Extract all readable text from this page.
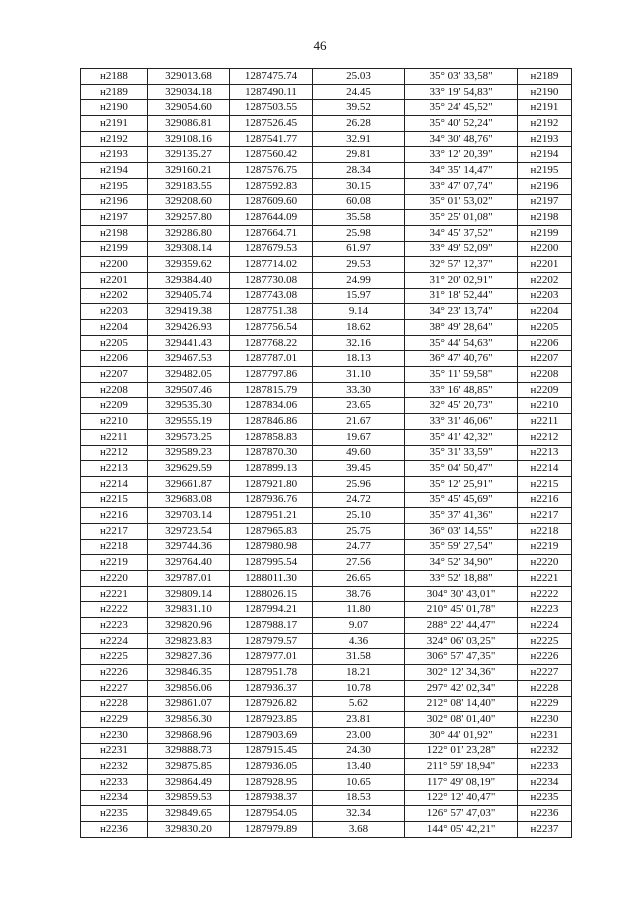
46
н2188	329013.68	1287475.74	25.03	35° 03' 33,58"	н2189
н2189	329034.18	1287490.11	24.45	33° 19' 54,83"	н2190
н2190	329054.60	1287503.55	39.52	35° 24' 45,52"	н2191
н2191	329086.81	1287526.45	26.28	35° 40' 52,24"	н2192
н2192	329108.16	1287541.77	32.91	34° 30' 48,76"	н2193
н2193	329135.27	1287560.42	29.81	33° 12' 20,39"	н2194
н2194	329160.21	1287576.75	28.34	34° 35' 14,47"	н2195
н2195	329183.55	1287592.83	30.15	33° 47' 07,74"	н2196
н2196	329208.60	1287609.60	60.08	35° 01' 53,02"	н2197
н2197	329257.80	1287644.09	35.58	35° 25' 01,08"	н2198
н2198	329286.80	1287664.71	25.98	34° 45' 37,52"	н2199
н2199	329308.14	1287679.53	61.97	33° 49' 52,09"	н2200
н2200	329359.62	1287714.02	29.53	32° 57' 12,37"	н2201
н2201	329384.40	1287730.08	24.99	31° 20' 02,91"	н2202
н2202	329405.74	1287743.08	15.97	31° 18' 52,44"	н2203
н2203	329419.38	1287751.38	9.14	34° 23' 13,74"	н2204
н2204	329426.93	1287756.54	18.62	38° 49' 28,64"	н2205
н2205	329441.43	1287768.22	32.16	35° 44' 54,63"	н2206
н2206	329467.53	1287787.01	18.13	36° 47' 40,76"	н2207
н2207	329482.05	1287797.86	31.10	35° 11' 59,58"	н2208
н2208	329507.46	1287815.79	33.30	33° 16' 48,85"	н2209
н2209	329535.30	1287834.06	23.65	32° 45' 20,73"	н2210
н2210	329555.19	1287846.86	21.67	33° 31' 46,06"	н2211
н2211	329573.25	1287858.83	19.67	35° 41' 42,32"	н2212
н2212	329589.23	1287870.30	49.60	35° 31' 33,59"	н2213
н2213	329629.59	1287899.13	39.45	35° 04' 50,47"	н2214
н2214	329661.87	1287921.80	25.96	35° 12' 25,91"	н2215
н2215	329683.08	1287936.76	24.72	35° 45' 45,69"	н2216
н2216	329703.14	1287951.21	25.10	35° 37' 41,36"	н2217
н2217	329723.54	1287965.83	25.75	36° 03' 14,55"	н2218
н2218	329744.36	1287980.98	24.77	35° 59' 27,54"	н2219
н2219	329764.40	1287995.54	27.56	34° 52' 34,90"	н2220
н2220	329787.01	1288011.30	26.65	33° 52' 18,88"	н2221
н2221	329809.14	1288026.15	38.76	304° 30' 43,01"	н2222
н2222	329831.10	1287994.21	11.80	210° 45' 01,78"	н2223
н2223	329820.96	1287988.17	9.07	288° 22' 44,47"	н2224
н2224	329823.83	1287979.57	4.36	324° 06' 03,25"	н2225
н2225	329827.36	1287977.01	31.58	306° 57' 47,35"	н2226
н2226	329846.35	1287951.78	18.21	302° 12' 34,36"	н2227
н2227	329856.06	1287936.37	10.78	297° 42' 02,34"	н2228
н2228	329861.07	1287926.82	5.62	212° 08' 14,40"	н2229
н2229	329856.30	1287923.85	23.81	302° 08' 01,40"	н2230
н2230	329868.96	1287903.69	23.00	30° 44' 01,92"	н2231
н2231	329888.73	1287915.45	24.30	122° 01' 23,28"	н2232
н2232	329875.85	1287936.05	13.40	211° 59' 18,94"	н2233
н2233	329864.49	1287928.95	10.65	117° 49' 08,19"	н2234
н2234	329859.53	1287938.37	18.53	122° 12' 40,47"	н2235
н2235	329849.65	1287954.05	32.34	126° 57' 47,03"	н2236
н2236	329830.20	1287979.89	3.68	144° 05' 42,21"	н2237
